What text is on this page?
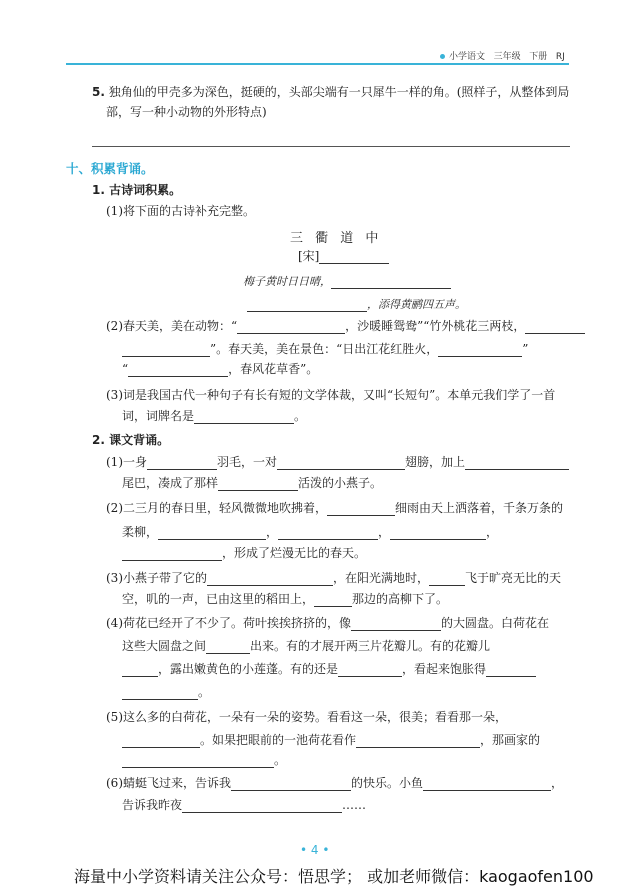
小学语文 三年级 下册 RJ
5. 独角仙的甲壳多为深色，挺硬的，头部尖端有一只犀牛一样的角。(照样子，从整体到局
部，写一种小动物的外形特点)
十、积累背诵。
1. 古诗词积累。
(1)将下面的古诗补充完整。
三 衢 道 中
[宋]
梅子黄时日日晴，
，添得黄鹂四五声。
(2)春天美，美在动物：“	，沙暖睡鸳鸯”“竹外桃花三两枝，
”。春天美，美在景色：“日出江花红胜火，	”
“	，春风花草香”。
(3)词是我国古代一种句子有长有短的文学体裁，又叫“长短句”。本单元我们学了一首
词，词牌名是	。
2. 课文背诵。
(1)一身	羽毛，一对	翅膀，加上
尾巴，凑成了那样	活泼的小燕子。
(2)二三月的春日里，轻风微微地吹拂着，	细雨由天上洒落着，千条万条的
柔柳，	，	，	，
，形成了烂漫无比的春天。
(3)小燕子带了它的	，在阳光满地时，	飞于旷亮无比的天
空，叽的一声，已由这里的稻田上，	那边的高柳下了。
(4)荷花已经开了不少了。荷叶挨挨挤挤的，像	的大圆盘。白荷花在
这些大圆盘之间	出来。有的才展开两三片花瓣儿。有的花瓣儿
，露出嫩黄色的小莲蓬。有的还是	，看起来饱胀得
。
(5)这么多的白荷花，一朵有一朵的姿势。看看这一朵，很美；看看那一朵，
。如果把眼前的一池荷花看作	，那画家的
。
(6)蜻蜓飞过来，告诉我	的快乐。小鱼	，
告诉我昨夜	……
• 4 •
海量中小学资料请关注公众号：悟思学； 或加老师微信：kaogaofen100
